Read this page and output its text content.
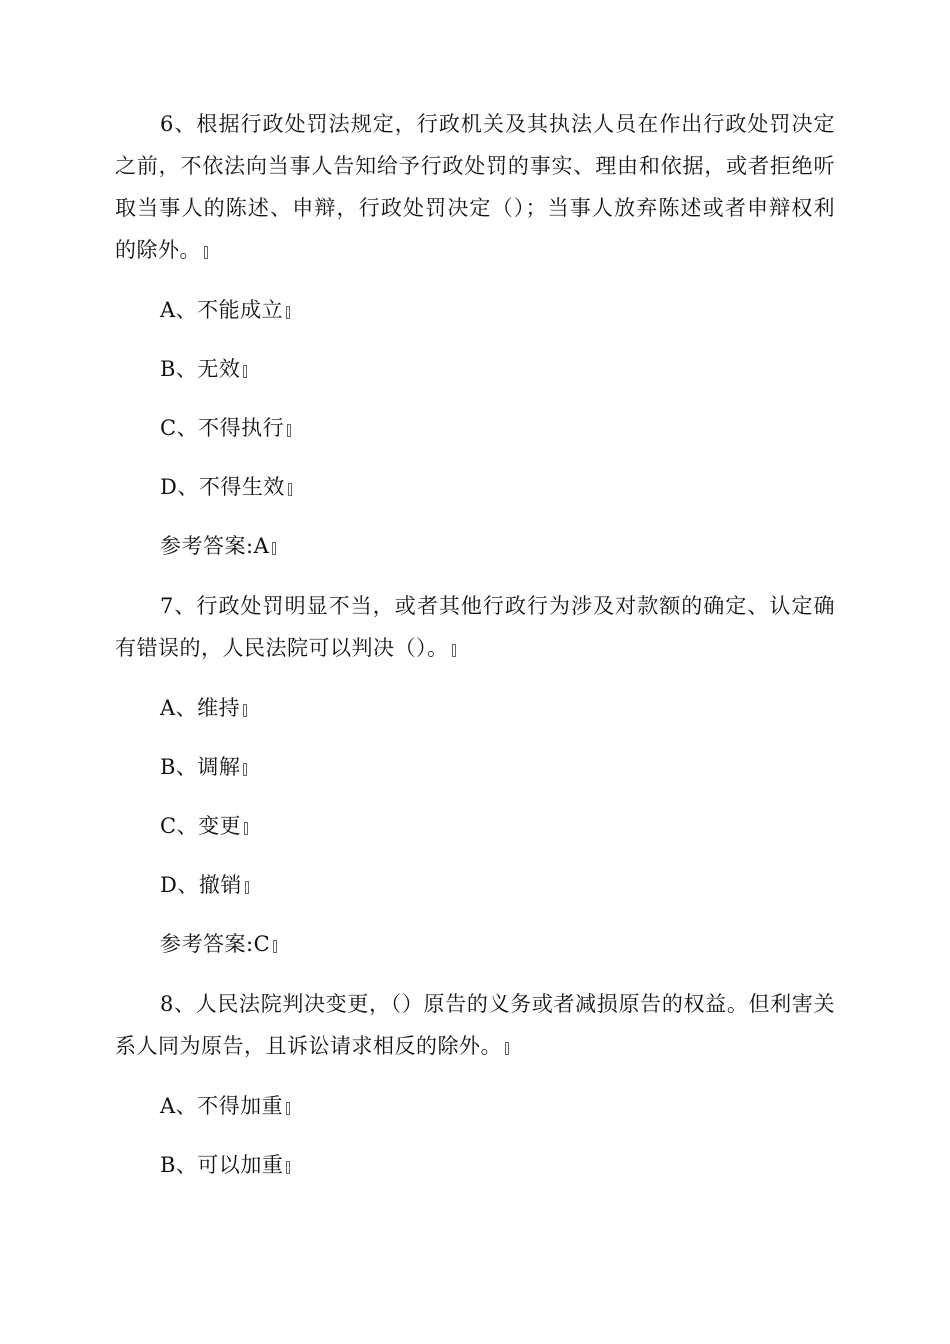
6、根据行政处罚法规定，行政机关及其执法人员在作出行政处罚决定之前，不依法向当事人告知给予行政处罚的事实、理由和依据，或者拒绝听取当事人的陈述、申辩，行政处罚决定（）；当事人放弃陈述或者申辩权利的除外。

A、不能成立

B、无效

C、不得执行

D、不得生效

参考答案:A

7、行政处罚明显不当，或者其他行政行为涉及对款额的确定、认定确有错误的，人民法院可以判决（）。

A、维持

B、调解

C、变更

D、撤销

参考答案:C

8、人民法院判决变更，（）原告的义务或者减损原告的权益。但利害关系人同为原告，且诉讼请求相反的除外。

A、不得加重

B、可以加重
